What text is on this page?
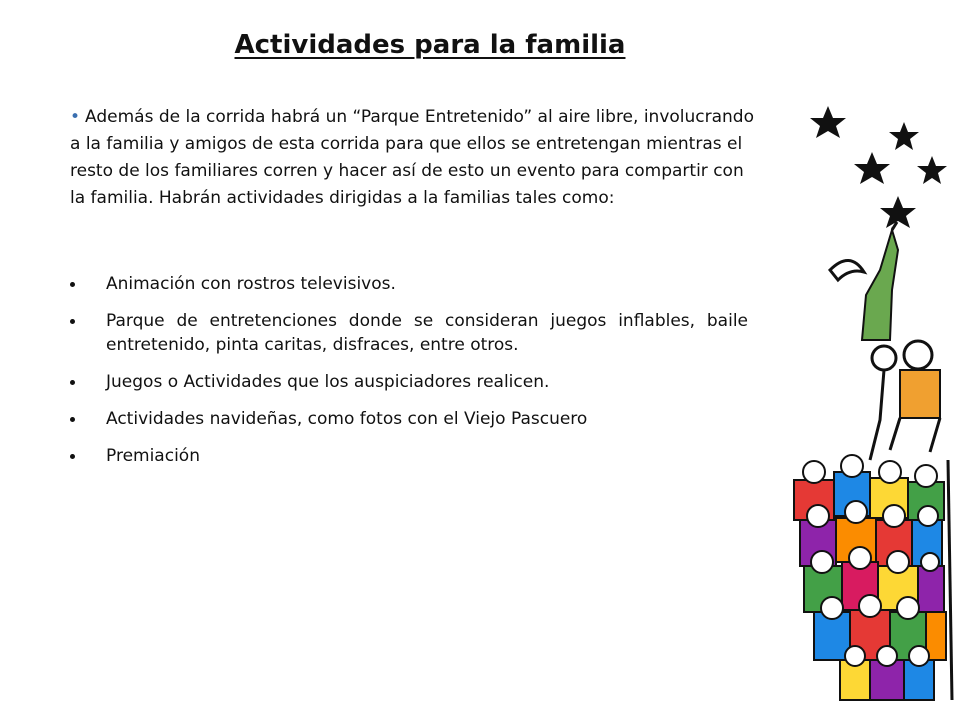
Actividades para la familia

• Además de la corrida habrá un “Parque Entretenido” al aire libre, involucrando a la familia y amigos de esta corrida para que ellos se entretengan mientras el resto de los familiares corren y hacer así de esto un evento para compartir con la familia. Habrán actividades dirigidas a la familias tales como:

Animación con rostros televisivos.
Parque de entretenciones donde se consideran juegos inflables, baile entretenido, pinta caritas, disfraces, entre otros.
Juegos o Actividades que los auspiciadores realicen.
Actividades navideñas, como fotos con el Viejo Pascuero
Premiación
